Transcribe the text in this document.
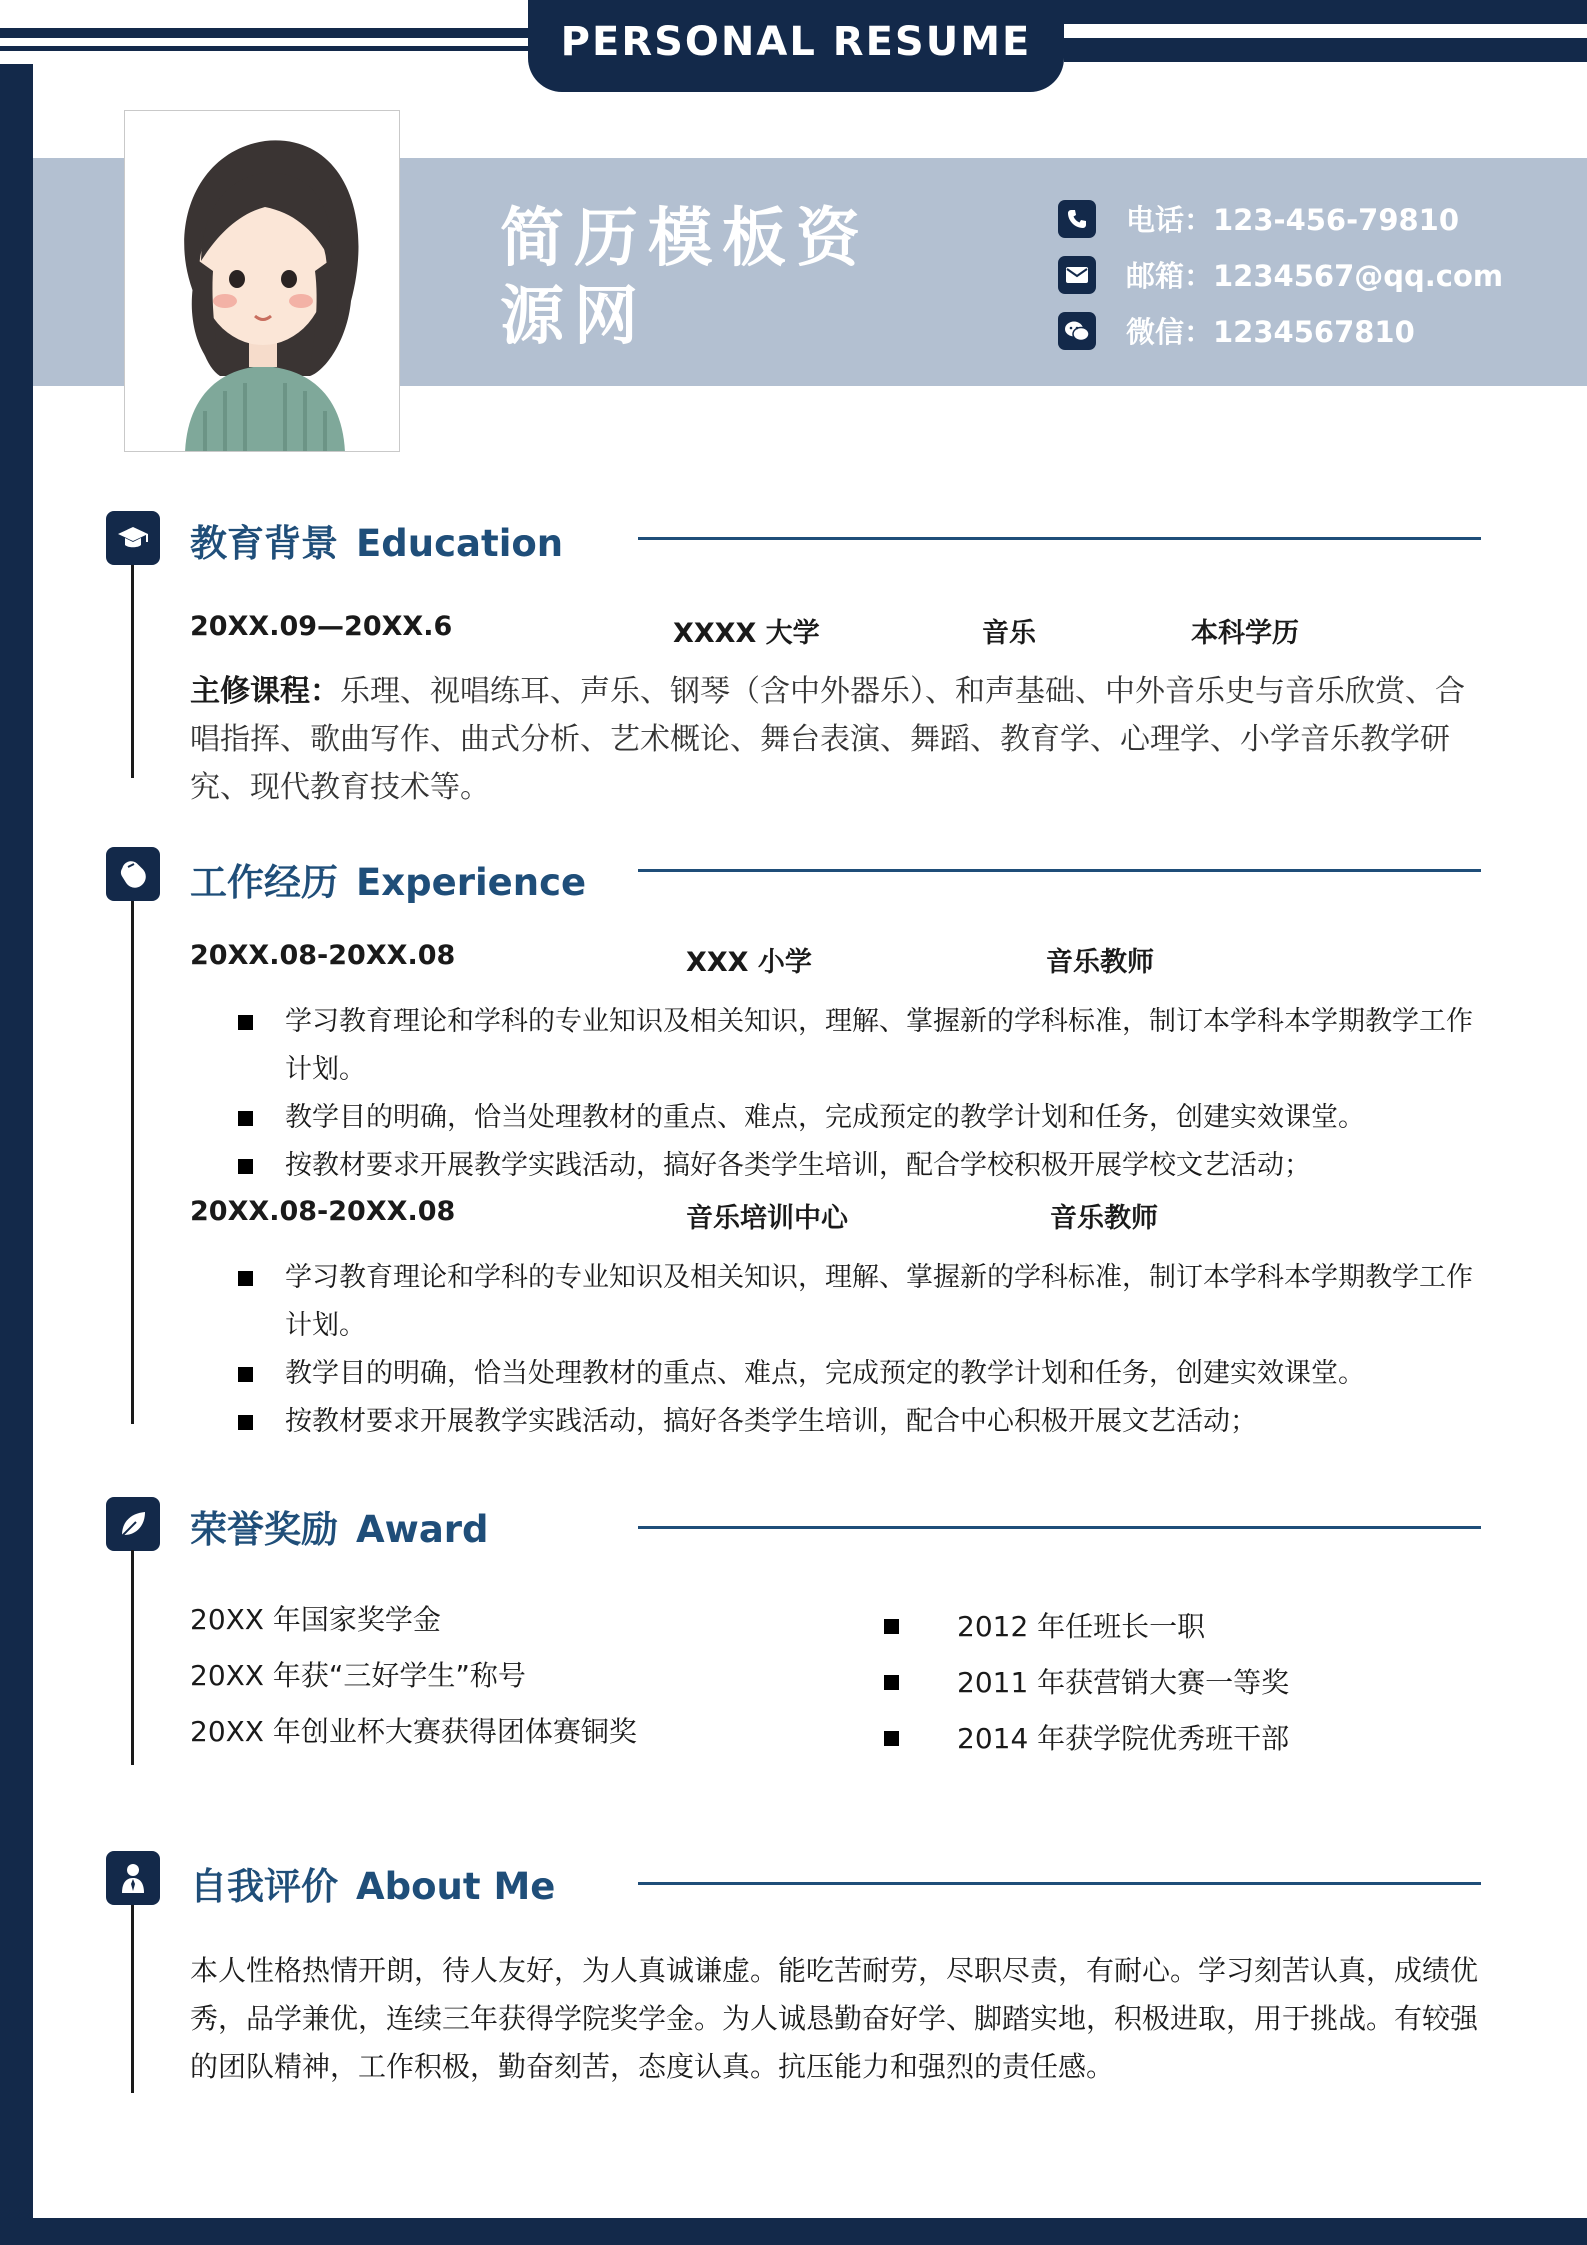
PERSONAL RESUME
简历模板资源网
电话：123-456-79810
邮箱：1234567@qq.com
微信：1234567810
教育背景 Education
20XX.09—20XX.6	XXXX 大学	音乐	本科学历
主修课程：乐理、视唱练耳、声乐、钢琴（含中外器乐）、和声基础、中外音乐史与音乐欣赏、合唱指挥、歌曲写作、曲式分析、艺术概论、舞台表演、舞蹈、教育学、心理学、小学音乐教学研究、现代教育技术等。
工作经历 Experience
20XX.08-20XX.08	XXX 小学	音乐教师
学习教育理论和学科的专业知识及相关知识，理解、掌握新的学科标准，制订本学科本学期教学工作计划。
教学目的明确，恰当处理教材的重点、难点，完成预定的教学计划和任务，创建实效课堂。
按教材要求开展教学实践活动，搞好各类学生培训，配合学校积极开展学校文艺活动；
20XX.08-20XX.08	音乐培训中心	音乐教师
学习教育理论和学科的专业知识及相关知识，理解、掌握新的学科标准，制订本学科本学期教学工作计划。
教学目的明确，恰当处理教材的重点、难点，完成预定的教学计划和任务，创建实效课堂。
按教材要求开展教学实践活动，搞好各类学生培训，配合中心积极开展文艺活动；
荣誉奖励 Award
20XX 年国家奖学金
20XX 年获“三好学生”称号
20XX 年创业杯大赛获得团体赛铜奖
2012 年任班长一职
2011 年获营销大赛一等奖
2014 年获学院优秀班干部
自我评价 About Me
本人性格热情开朗，待人友好，为人真诚谦虚。能吃苦耐劳，尽职尽责，有耐心。学习刻苦认真，成绩优秀，品学兼优，连续三年获得学院奖学金。为人诚恳勤奋好学、脚踏实地，积极进取，用于挑战。有较强的团队精神，工作积极，勤奋刻苦，态度认真。抗压能力和强烈的责任感。
